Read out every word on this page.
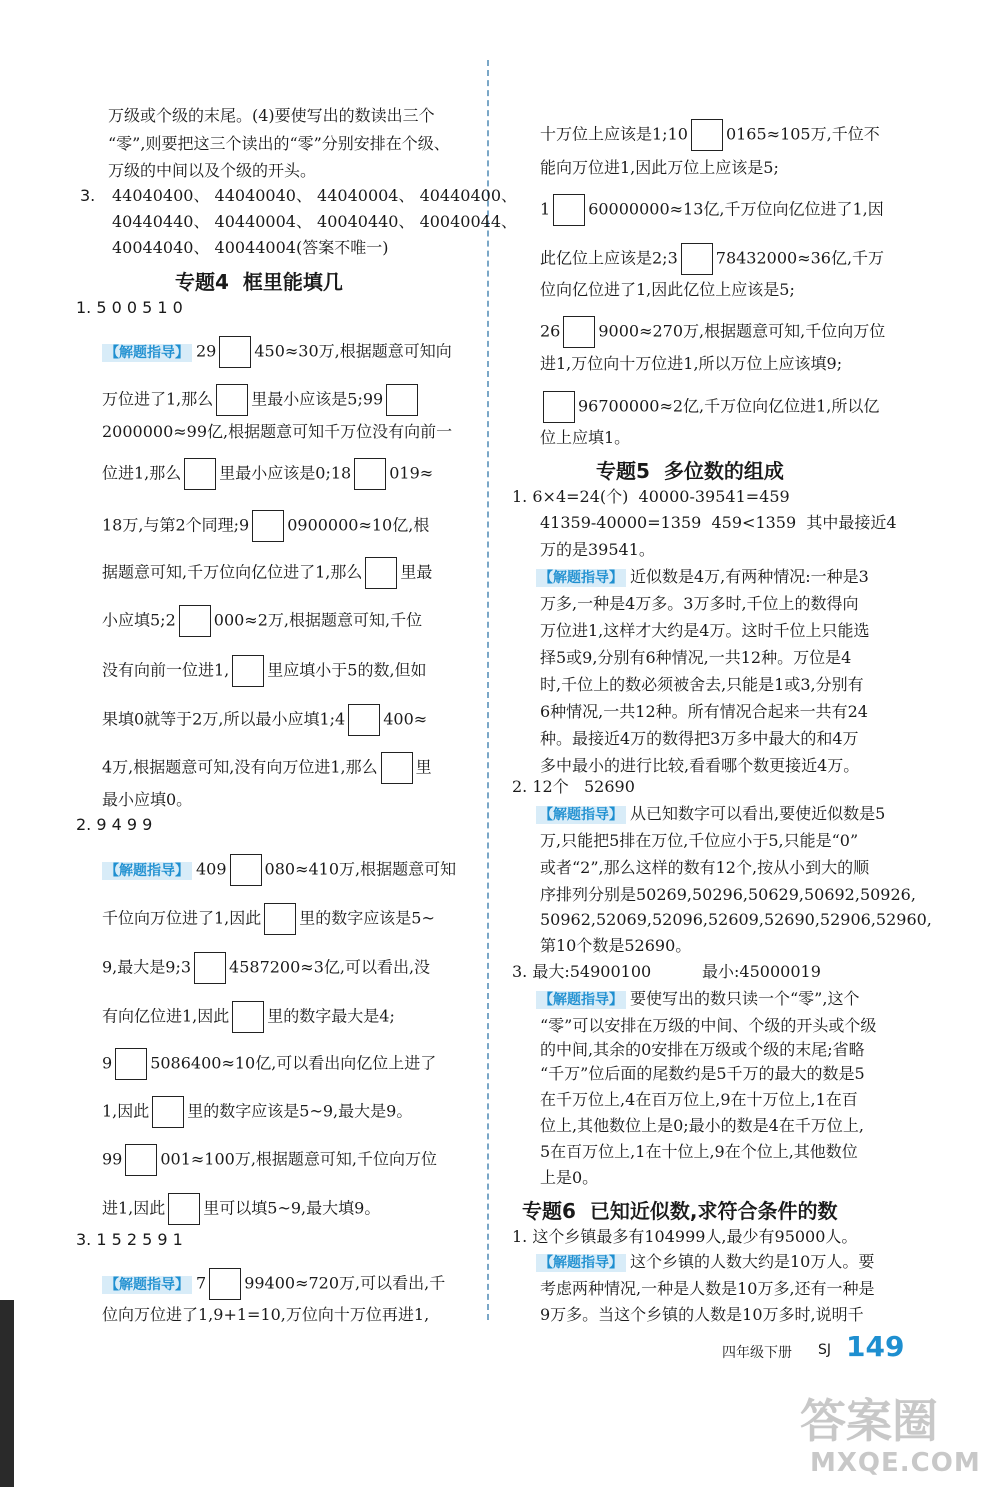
万级或个级的末尾。(4)要使写出的数读出三个
“零”,则要把这三个读出的“零”分别安排在个级、
万级的中间以及个级的开头。
3. 44040400、 44040040、 44040004、 40440400、
40440440、 40440004、 40040440、 40040044、
40044040、 40044004(答案不唯一)
专题4  框里能填几
1. 5 0 0 5 1 0
【解题指导】 29 450≈30万,根据题意可知向
万位进了1,那么 里最小应该是5;99
2000000≈99亿,根据题意可知千万位没有向前一
位进1,那么 里最小应该是0;18 019≈
18万,与第2个同理;9 0900000≈10亿,根
据题意可知,千万位向亿位进了1,那么 里最
小应填5;2 000≈2万,根据题意可知,千位
没有向前一位进1, 里应填小于5的数,但如
果填0就等于2万,所以最小应填1;4 400≈
4万,根据题意可知,没有向万位进1,那么 里
最小应填0。
2. 9 4 9 9
【解题指导】 409 080≈410万,根据题意可知
千位向万位进了1,因此 里的数字应该是5~
9,最大是9;3 4587200≈3亿,可以看出,没
有向亿位进1,因此 里的数字最大是4;
9 5086400≈10亿,可以看出向亿位上进了
1,因此 里的数字应该是5~9,最大是9。
99 001≈100万,根据题意可知,千位向万位
进1,因此 里可以填5~9,最大填9。
3. 1 5 2 5 9 1
【解题指导】 7 99400≈720万,可以看出,千
位向万位进了1,9+1=10,万位向十万位再进1,
十万位上应该是1;10 0165≈105万,千位不
能向万位进1,因此万位上应该是5;
1 60000000≈13亿,千万位向亿位进了1,因
此亿位上应该是2;3 78432000≈36亿,千万
位向亿位进了1,因此亿位上应该是5;
26 9000≈270万,根据题意可知,千位向万位
进1,万位向十万位进1,所以万位上应该填9;
96700000≈2亿,千万位向亿位进1,所以亿
位上应填1。
专题5  多位数的组成
1. 6×4=24(个)  40000-39541=459
41359-40000=1359  459<1359  其中最接近4
万的是39541。
【解题指导】 近似数是4万,有两种情况:一种是3
万多,一种是4万多。3万多时,千位上的数得向
万位进1,这样才大约是4万。这时千位上只能选
择5或9,分别有6种情况,一共12种。万位是4
时,千位上的数必须被舍去,只能是1或3,分别有
6种情况,一共12种。所有情况合起来一共有24
种。最接近4万的数得把3万多中最大的和4万
多中最小的进行比较,看看哪个数更接近4万。
2. 12个   52690
【解题指导】 从已知数字可以看出,要使近似数是5
万,只能把5排在万位,千位应小于5,只能是“0”
或者“2”,那么这样的数有12个,按从小到大的顺
序排列分别是50269,50296,50629,50692,50926,
50962,52069,52096,52609,52690,52906,52960,
第10个数是52690。
3. 最大:54900100          最小:45000019
【解题指导】 要使写出的数只读一个“零”,这个
“零”可以安排在万级的中间、个级的开头或个级
的中间,其余的0安排在万级或个级的末尾;省略
“千万”位后面的尾数约是5千万的最大的数是5
在千万位上,4在百万位上,9在十万位上,1在百
位上,其他数位上是0;最小的数是4在千万位上,
5在百万位上,1在十位上,9在个位上,其他数位
上是0。
专题6  已知近似数,求符合条件的数
1. 这个乡镇最多有104999人,最少有95000人。
【解题指导】 这个乡镇的人数大约是10万人。要
考虑两种情况,一种是人数是10万多,还有一种是
9万多。当这个乡镇的人数是10万多时,说明千
四年级下册 SJ 149
答案圈
MXQE.COM
